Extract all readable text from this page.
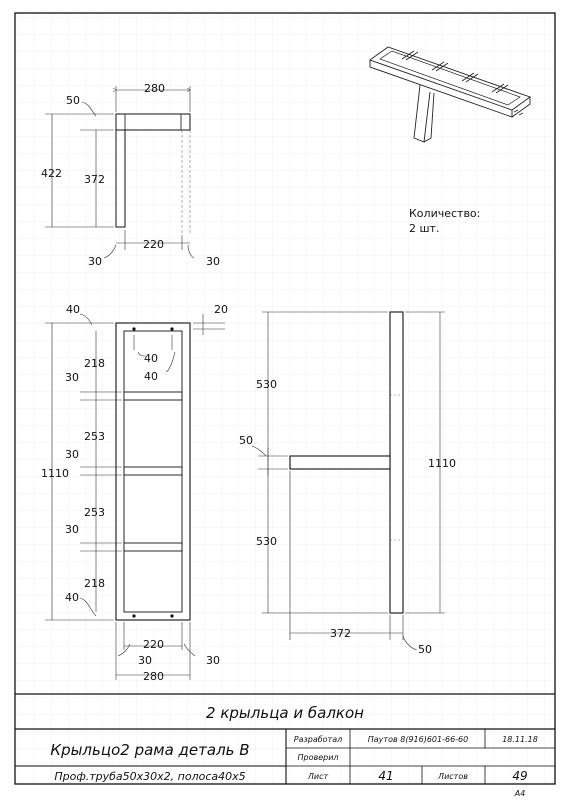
280
50
422 372
220
30	30
Количество:
2 шт.
40	20
40
40
218
30
253
30
1110
253
30
218
40
220
30	30
280
530
50
530
1110
372
50
2 крыльца и балкон
Крыльцо2 рама деталь В
Проф.труба50х30х2, полоса40х5
Разработал	Паутов 8(916)601-66-60	18.11.18
Проверил
Лист	41	Листов	49
А4
